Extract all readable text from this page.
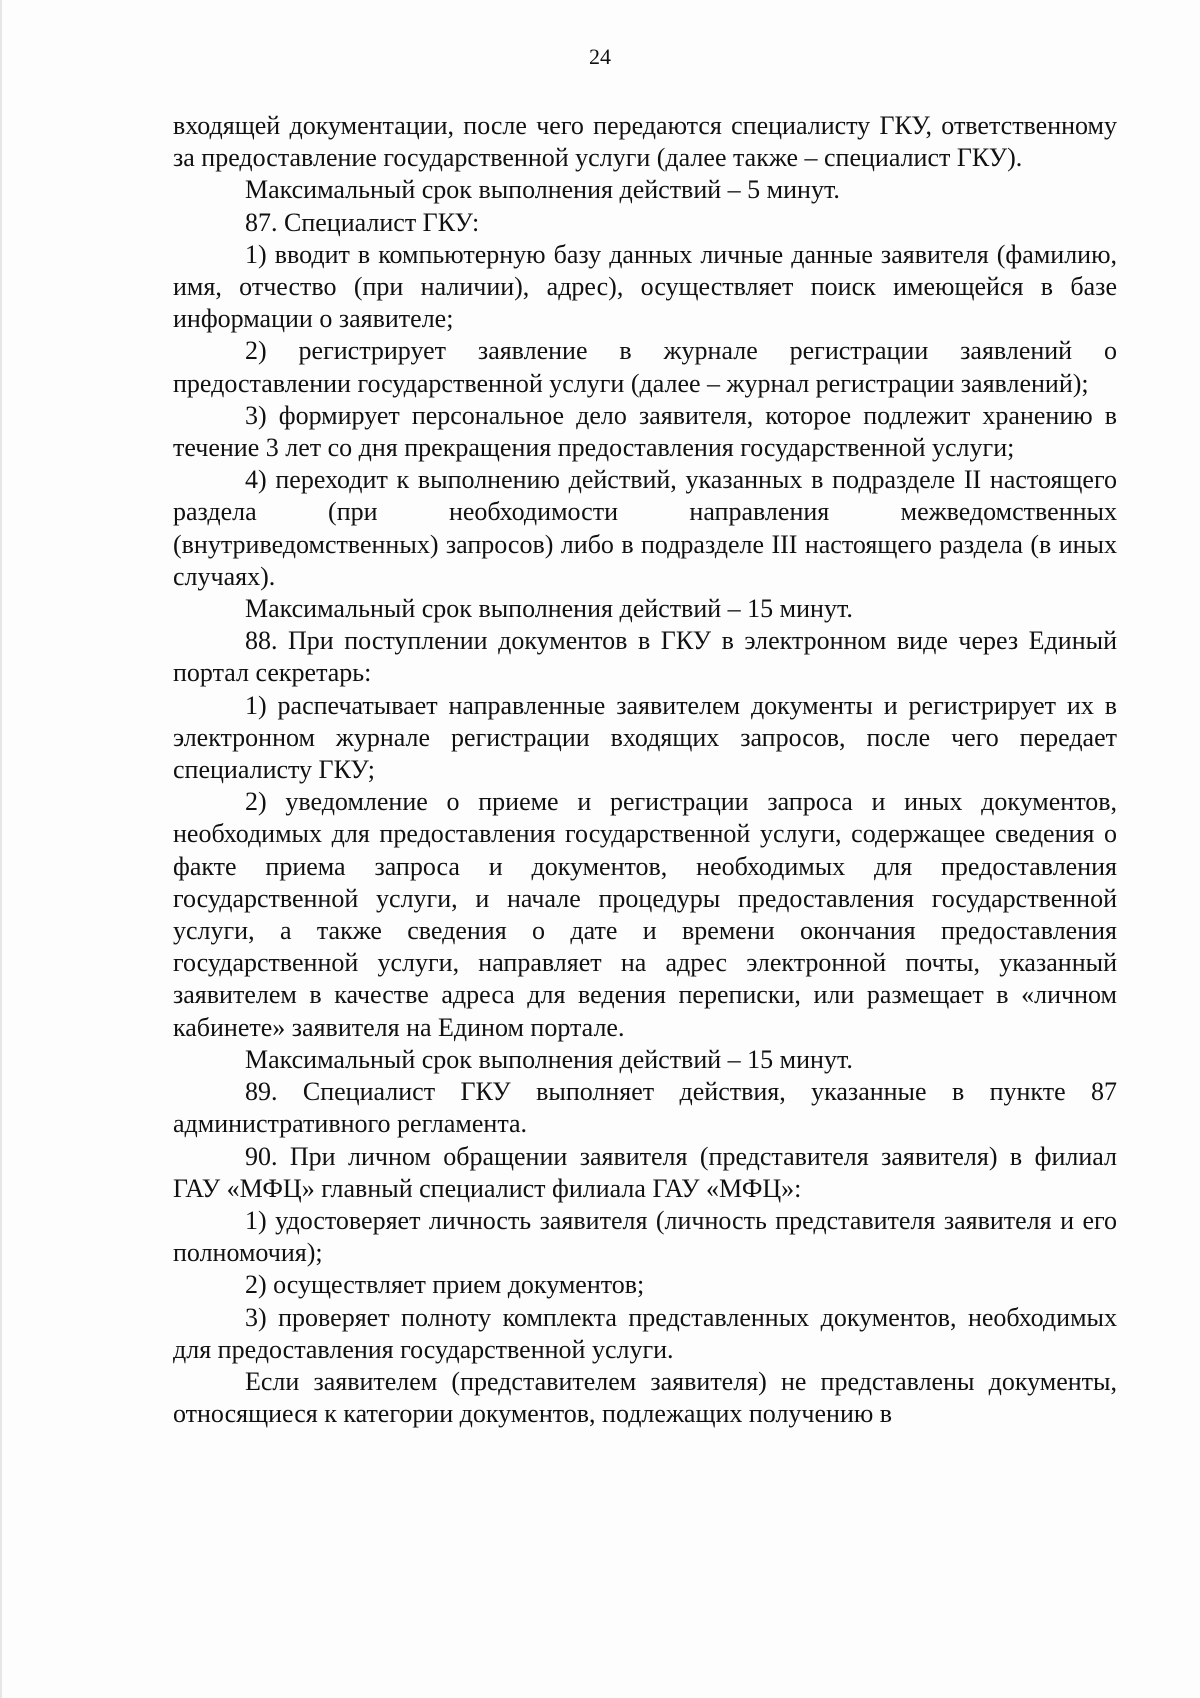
24

входящей документации, после чего передаются специалисту ГКУ, ответственному за предоставление государственной услуги (далее также – специалист ГКУ).

Максимальный срок выполнения действий – 5 минут.

87. Специалист ГКУ:

1) вводит в компьютерную базу данных личные данные заявителя (фамилию, имя, отчество (при наличии), адрес), осуществляет поиск имеющейся в базе информации о заявителе;

2) регистрирует заявление в журнале регистрации заявлений о предоставлении государственной услуги (далее – журнал регистрации заявлений);

3) формирует персональное дело заявителя, которое подлежит хранению в течение 3 лет со дня прекращения предоставления государственной услуги;

4) переходит к выполнению действий, указанных в подразделе II настоящего раздела (при необходимости направления межведомственных (внутриведомственных) запросов) либо в подразделе III настоящего раздела (в иных случаях).

Максимальный срок выполнения действий – 15 минут.

88. При поступлении документов в ГКУ в электронном виде через Единый портал секретарь:

1) распечатывает направленные заявителем документы и регистрирует их в электронном журнале регистрации входящих запросов, после чего передает специалисту ГКУ;

2) уведомление о приеме и регистрации запроса и иных документов, необходимых для предоставления государственной услуги, содержащее сведения о факте приема запроса и документов, необходимых для предоставления государственной услуги, и начале процедуры предоставления государственной услуги, а также сведения о дате и времени окончания предоставления государственной услуги, направляет на адрес электронной почты, указанный заявителем в качестве адреса для ведения переписки, или размещает в «личном кабинете» заявителя на Едином портале.

Максимальный срок выполнения действий – 15 минут.

89. Специалист ГКУ выполняет действия, указанные в пункте 87 административного регламента.

90. При личном обращении заявителя (представителя заявителя) в филиал ГАУ «МФЦ» главный специалист филиала ГАУ «МФЦ»:

1) удостоверяет личность заявителя (личность представителя заявителя и его полномочия);

2) осуществляет прием документов;

3) проверяет полноту комплекта представленных документов, необходимых для предоставления государственной услуги.

Если заявителем (представителем заявителя) не представлены документы, относящиеся к категории документов, подлежащих получению в
